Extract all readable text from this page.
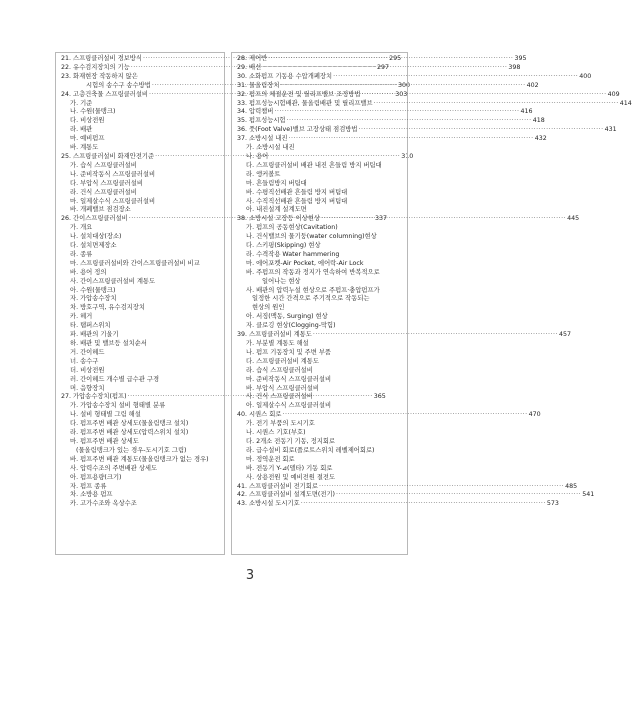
21. 스프링클러설비 경보방식 ·····	295
22. 유수검지장치의 기능 ·····	297
23. 화재현장 작동하지 않은
시험의 송수구 송수방법 ·····	300
24. 고층건축물 스프링클러설비 ·····	303
가. 기준
나. 수원(물탱크)
다. 비상전원
라. 배관
마. 예비펌프
바. 계통도
25. 스프링클러설비 화재안전기준 ·····	310
가. 습식 스프링클러설비
나. 준비작동식 스프링클러설비
다. 부압식 스프링클러설비
라. 건식 스프링클러설비
마. 일제살수식 스프링클러설비
바. 개폐밸브 점검장소
26. 간이스프링클러설비 ·····	337
가. 개요
나. 설치대상(장소)
다. 설치면제장소
라. 종류
마. 스프링클러설비와 간이스프링클러설비 비교
바. 용어 정의
사. 간이스프링클러설비 계통도
아. 수원(물탱크)
자. 가압송수장치
차. 방호구역, 유수검지장치
카. 헤거
타. 탬퍼스위치
파. 배관의 기울기
하. 배관 및 밸브등 설치순서
거. 간이헤드
너. 송수구
더. 비상전원
러. 간이헤드 개수별 급수관 구경
머. 음향장치
27. 가압송수장치(펌프) ·····	365
가. 가압송수장치 설비 형태별 분류
나. 설비 형태별 그림 해설
다. 펌프주변 배관 상세도(물올림탱크 설치)
라. 펌프주변 배관 상세도(압력스위치 설치)
마. 펌프주변 배관 상세도
(물올림탱크가 있는 경우-도시기호 그림)
바. 펌프주변 배관 계통도(물올림탱크가 없는 경우)
사. 압력수조의 주변배관 상세도
아. 펌프용량(크기)
자. 펌프 종류
차. 소방용 펌프
카. 고가수조와 옥상수조
28. 제어반 ·····	395
29. 배선 ·····	398
30. 소화펌프 기동용 수압개폐장치 ·····	400
31. 물올림장치 ·····	402
32. 펌프의 체절운전 및 릴리프밸브 조정방법 ·····	409
33. 펌프성능시험배관, 물올림배관 및 릴리프밸브 ·····	414
34. 압력챔버 ·····	416
35. 펌프성능시험 ·····	418
36. 풋(Foot Valve)밸브 고장상태 점검방법 ·····	431
37. 소방시설 내진 ·····	432
가. 소방시설 내진
나. 용어
다. 스프링클러설비 배관 내진 흔들림 방지 버팀대
라. 앵커볼트
마. 흔들림방지 버팀대
바. 수평직선배관 흔들림 방지 버팀대
사. 수직직선배관 흔들림 방지 버팀대
아. 내진설계 설계도면
38. 소방시설 고장등 이상현상 ·····	445
가. 펌프의 공동현상(Cavitation)
나. 건식밸브의 물기둥(water columning)현상
다. 스키핑(Skipping) 현상
라. 수격작용 Water hammering
마. 에어포켓-Air Pocket, 에어락-Air Lock
바. 주펌프의 작동과 정지가 연속하여 반복적으로
일어나는 현상
사. 배관의 압력누설 현상으로 주펌프·충압펌프가
일정한 시간 간격으로 주기적으로 작동되는
현상의 원인
아. 서징(맥동, Surging) 현상
자. 클로깅 현상(Clogging-막힘)
39. 스프링클러설비 계통도 ·····	457
가. 부분별 계통도 해설
나. 펌프 기동장치 및 주변 부품
다. 스프링클러설비 계통도
라. 습식 스프링클러설비
마. 준비작동식 스프링클러설비
바. 부압식 스프링클러설비
사. 건식 스프링클러설비
아. 일제살수식 스프링클러설비
40. 시퀀스 회로 ·····	470
가. 전기 부품의 도시기호
나. 시퀀스 기호(부호)
다. 2개소 전동기 기동, 정지회로
라. 급수설비 회로(플로트스위치 레벨제어회로)
마. 정역운전 회로
바. 전동기 Y-⊿(델타) 기동 회로
사. 상용전원 및 예비전원 절전도
41. 스프링클러설비 전기회로 ·····	485
42. 스프링클러설비 설계도면(전기) ·····	541
43. 소방시설 도시기호 ·····	573
3
